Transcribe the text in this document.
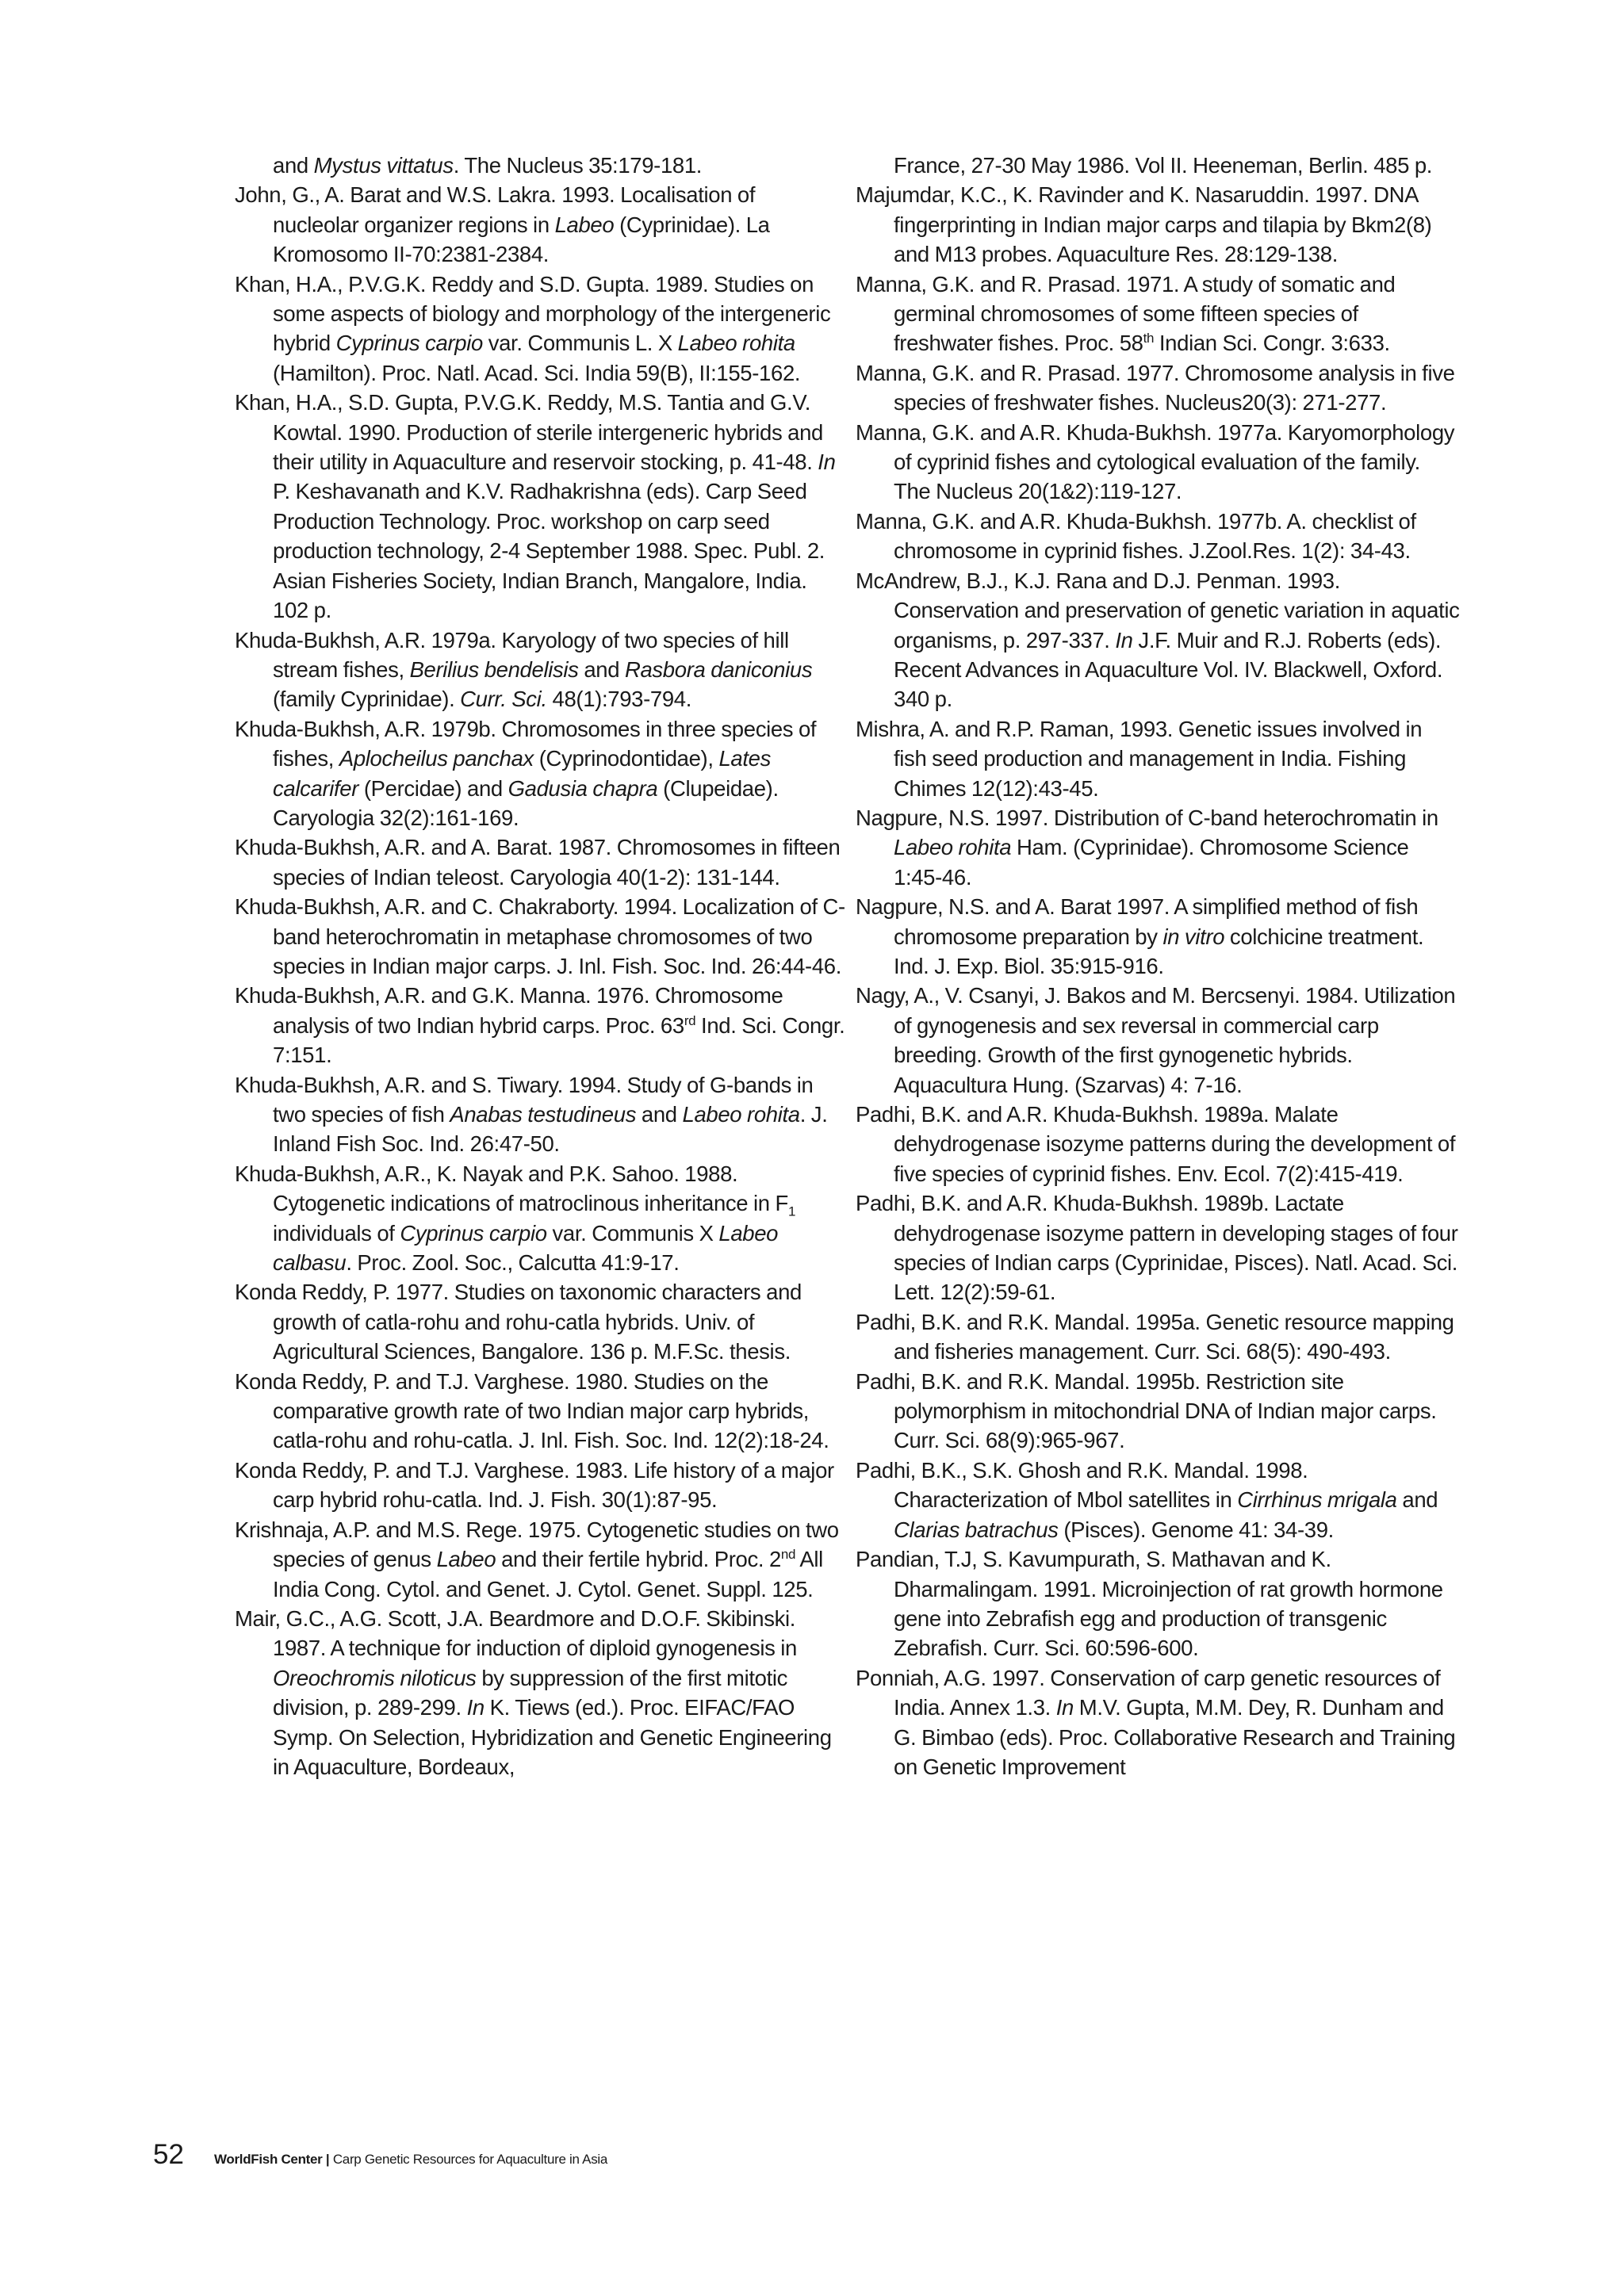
and Mystus vittatus. The Nucleus 35:179-181.

John, G., A. Barat and W.S. Lakra. 1993. Localisation of nucleolar organizer regions in Labeo (Cyprinidae). La Kromosomo II-70:2381-2384.

Khan, H.A., P.V.G.K. Reddy and S.D. Gupta. 1989. Studies on some aspects of biology and morphology of the intergeneric hybrid Cyprinus carpio var. Communis L. X Labeo rohita (Hamilton). Proc. Natl. Acad. Sci. India 59(B), II:155-162.

Khan, H.A., S.D. Gupta, P.V.G.K. Reddy, M.S. Tantia and G.V. Kowtal. 1990. Production of sterile intergeneric hybrids and their utility in Aquaculture and reservoir stocking, p. 41-48. In P. Keshavanath and K.V. Radhakrishna (eds). Carp Seed Production Technology. Proc. workshop on carp seed production technology, 2-4 September 1988. Spec. Publ. 2. Asian Fisheries Society, Indian Branch, Mangalore, India. 102 p.

Khuda-Bukhsh, A.R. 1979a. Karyology of two species of hill stream fishes, Berilius bendelisis and Rasbora daniconius (family Cyprinidae). Curr. Sci. 48(1):793-794.

Khuda-Bukhsh, A.R. 1979b. Chromosomes in three species of fishes, Aplocheilus panchax (Cyprinodontidae), Lates calcarifer (Percidae) and Gadusia chapra (Clupeidae). Caryologia 32(2):161-169.

Khuda-Bukhsh, A.R. and A. Barat. 1987. Chromosomes in fifteen species of Indian teleost. Caryologia 40(1-2): 131-144.

Khuda-Bukhsh, A.R. and C. Chakraborty. 1994. Localization of C-band heterochromatin in metaphase chromosomes of two species in Indian major carps. J. Inl. Fish. Soc. Ind. 26:44-46.

Khuda-Bukhsh, A.R. and G.K. Manna. 1976. Chromosome analysis of two Indian hybrid carps. Proc. 63rd Ind. Sci. Congr. 7:151.

Khuda-Bukhsh, A.R. and S. Tiwary. 1994. Study of G-bands in two species of fish Anabas testudineus and Labeo rohita. J. Inland Fish Soc. Ind. 26:47-50.

Khuda-Bukhsh, A.R., K. Nayak and P.K. Sahoo. 1988. Cytogenetic indications of matroclinous inheritance in $F_1$ individuals of Cyprinus carpio var. Communis X Labeo calbasu. Proc. Zool. Soc., Calcutta 41:9-17.

Konda Reddy, P. 1977. Studies on taxonomic characters and growth of catla-rohu and rohu-catla hybrids. Univ. of Agricultural Sciences, Bangalore. 136 p. M.F.Sc. thesis.

Konda Reddy, P. and T.J. Varghese. 1980. Studies on the comparative growth rate of two Indian major carp hybrids, catla-rohu and rohu-catla. J. Inl. Fish. Soc. Ind. 12(2):18-24.

Konda Reddy, P. and T.J. Varghese. 1983. Life history of a major carp hybrid rohu-catla. Ind. J. Fish. 30(1):87-95.

Krishnaja, A.P. and M.S. Rege. 1975. Cytogenetic studies on two species of genus Labeo and their fertile hybrid. Proc. 2nd All India Cong. Cytol. and Genet. J. Cytol. Genet. Suppl. 125.

Mair, G.C., A.G. Scott, J.A. Beardmore and D.O.F. Skibinski. 1987. A technique for induction of diploid gynogenesis in Oreochromis niloticus by suppression of the first mitotic division, p. 289-299. In K. Tiews (ed.). Proc. EIFAC/FAO Symp. On Selection, Hybridization and Genetic Engineering in Aquaculture, Bordeaux,

France, 27-30 May 1986. Vol II. Heeneman, Berlin. 485 p.

Majumdar, K.C., K. Ravinder and K. Nasaruddin. 1997. DNA fingerprinting in Indian major carps and tilapia by Bkm2(8) and M13 probes. Aquaculture Res. 28:129-138.

Manna, G.K. and R. Prasad. 1971. A study of somatic and germinal chromosomes of some fifteen species of freshwater fishes. Proc. 58th Indian Sci. Congr. 3:633.

Manna, G.K. and R. Prasad. 1977. Chromosome analysis in five species of freshwater fishes. Nucleus20(3): 271-277.

Manna, G.K. and A.R. Khuda-Bukhsh. 1977a. Karyomorphology of cyprinid fishes and cytological evaluation of the family. The Nucleus 20(1&2):119-127.

Manna, G.K. and A.R. Khuda-Bukhsh. 1977b. A. checklist of chromosome in cyprinid fishes. J.Zool.Res. 1(2): 34-43.

McAndrew, B.J., K.J. Rana and D.J. Penman. 1993. Conservation and preservation of genetic variation in aquatic organisms, p. 297-337. In J.F. Muir and R.J. Roberts (eds). Recent Advances in Aquaculture Vol. IV. Blackwell, Oxford. 340 p.

Mishra, A. and R.P. Raman, 1993. Genetic issues involved in fish seed production and management in India. Fishing Chimes 12(12):43-45.

Nagpure, N.S. 1997. Distribution of C-band heterochromatin in Labeo rohita Ham. (Cyprinidae). Chromosome Science 1:45-46.

Nagpure, N.S. and A. Barat 1997. A simplified method of fish chromosome preparation by in vitro colchicine treatment. Ind. J. Exp. Biol. 35:915-916.

Nagy, A., V. Csanyi, J. Bakos and M. Bercsenyi. 1984. Utilization of gynogenesis and sex reversal in commercial carp breeding. Growth of the first gynogenetic hybrids. Aquacultura Hung. (Szarvas) 4: 7-16.

Padhi, B.K. and A.R. Khuda-Bukhsh. 1989a. Malate dehydrogenase isozyme patterns during the development of five species of cyprinid fishes. Env. Ecol. 7(2):415-419.

Padhi, B.K. and A.R. Khuda-Bukhsh. 1989b. Lactate dehydrogenase isozyme pattern in developing stages of four species of Indian carps (Cyprinidae, Pisces). Natl. Acad. Sci. Lett. 12(2):59-61.

Padhi, B.K. and R.K. Mandal. 1995a. Genetic resource mapping and fisheries management. Curr. Sci. 68(5): 490-493.

Padhi, B.K. and R.K. Mandal. 1995b. Restriction site polymorphism in mitochondrial DNA of Indian major carps. Curr. Sci. 68(9):965-967.

Padhi, B.K., S.K. Ghosh and R.K. Mandal. 1998. Characterization of Mbol satellites in Cirrhinus mrigala and Clarias batrachus (Pisces). Genome 41: 34-39.

Pandian, T.J, S. Kavumpurath, S. Mathavan and K. Dharmalingam. 1991. Microinjection of rat growth hormone gene into Zebrafish egg and production of transgenic Zebrafish. Curr. Sci. 60:596-600.

Ponniah, A.G. 1997. Conservation of carp genetic resources of India. Annex 1.3. In M.V. Gupta, M.M. Dey, R. Dunham and G. Bimbao (eds). Proc. Collaborative Research and Training on Genetic Improvement

52 WorldFish Center | Carp Genetic Resources for Aquaculture in Asia
